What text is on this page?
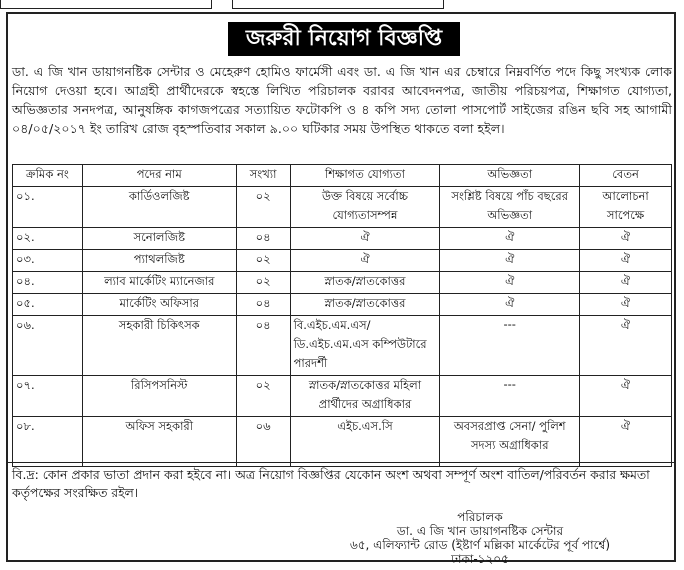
জরুরী নিয়োগ বিজ্ঞপ্তি
ডা. এ জি খান ডায়াগনষ্টিক সেন্টার ও মেহেরুণ হোমিও ফার্মেসী এবং ডা. এ জি খান এর চেম্বারে নিম্নবর্ণিত পদে কিছু সংখ্যক লোক নিয়োগ দেওয়া হবে। আগ্রহী প্রার্থীদেরকে স্বহস্তে লিখিত পরিচালক বরাবর আবেদনপত্র, জাতীয় পরিচয়পত্র, শিক্ষাগত যোগ্যতা, অভিজ্ঞতার সনদপত্র, আনুষঙ্গিক কাগজপত্রের সত্যায়িত ফটোকপি ও ৪ কপি সদ্য তোলা পাসপোর্ট সাইজের রঙিন ছবি সহ আগামী ০৪/০৫/২০১৭ ইং তারিখ রোজ বৃহস্পতিবার সকাল ৯.০০ ঘটিকার সময় উপস্থিত থাকতে বলা হইল।
ক্রমিক নং	পদের নাম	সংখ্যা	শিক্ষাগত যোগ্যতা	অভিজ্ঞতা	বেতন
০১.	কার্ডিওলজিষ্ট	০২	উক্ত বিষয়ে সর্বোচ্চ যোগ্যতাসম্পন্ন	সংশ্লিষ্ট বিষয়ে পাঁচ বছরের অভিজ্ঞতা	আলোচনা সাপেক্ষে
০২.	সনোলজিষ্ট	০৪	ঐ	ঐ	ঐ
০৩.	প্যাথলজিষ্ট	০২	ঐ	ঐ	ঐ
০৪.	ল্যাব মার্কেটিং ম্যানেজার	০২	স্নাতক/স্নাতকোত্তর	ঐ	ঐ
০৫.	মার্কেটিং অফিসার	০৪	স্নাতক/স্নাতকোত্তর	ঐ	ঐ
০৬.	সহকারী চিকিৎসক	০৪	বি.এইচ.এম.এস/ ডি.এইচ.এম.এস কম্পিউটারে পারদর্শী	---	ঐ
০৭.	রিসিপসনিস্ট	০২	স্নাতক/স্নাতকোত্তর মহিলা প্রার্থীদের অগ্রাধিকার	---	ঐ
০৮.	অফিস সহকারী	০৬	এইচ.এস.সি	অবসরপ্রাপ্ত সেনা/ পুলিশ সদস্য অগ্রাধিকার	ঐ
বি.দ্র: কোন প্রকার ভাতা প্রদান করা হইবে না। অত্র নিয়োগ বিজ্ঞপ্তির যেকোন অংশ অথবা সম্পূর্ণ অংশ বাতিল/পরিবর্তন করার ক্ষমতা কর্তৃপক্ষের সংরক্ষিত রইল।
পরিচালক
ডা. এ জি খান ডায়াগনষ্টিক সেন্টার
৬৫, এলিফ্যান্ট রোড (ইষ্টার্ণ মল্লিকা মার্কেটের পূর্ব পার্শ্বে)
ঢাকা-১২০৫
